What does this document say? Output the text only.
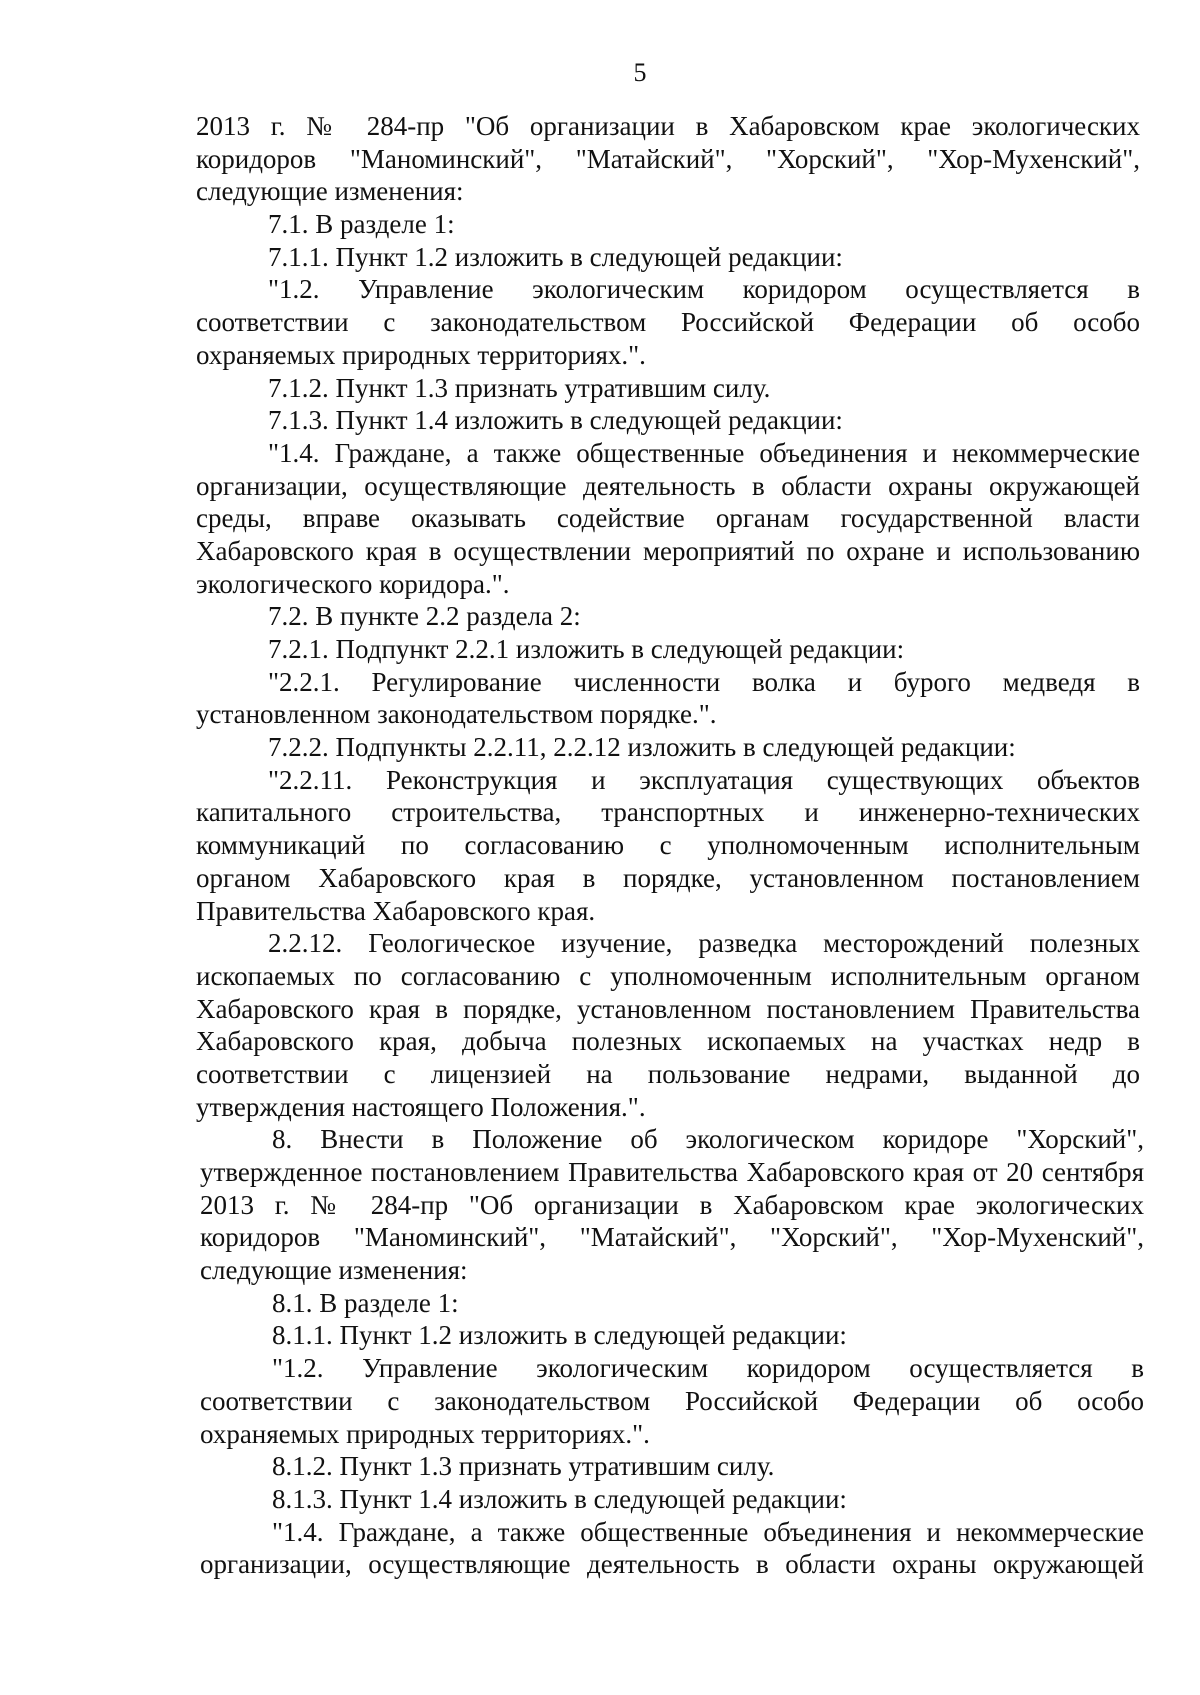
5
2013 г. № 284-пр "Об организации в Хабаровском крае экологических
коридоров "Маноминский", "Матайский", "Хорский", "Хор-Мухенский",
следующие изменения:
7.1. В разделе 1:
7.1.1. Пункт 1.2 изложить в следующей редакции:
"1.2. Управление экологическим коридором осуществляется в
соответствии с законодательством Российской Федерации об особо
охраняемых природных территориях.".
7.1.2. Пункт 1.3 признать утратившим силу.
7.1.3. Пункт 1.4 изложить в следующей редакции:
"1.4. Граждане, а также общественные объединения и некоммерческие
организации, осуществляющие деятельность в области охраны окружающей
среды, вправе оказывать содействие органам государственной власти
Хабаровского края в осуществлении мероприятий по охране и использованию
экологического коридора.".
7.2. В пункте 2.2 раздела 2:
7.2.1. Подпункт 2.2.1 изложить в следующей редакции:
"2.2.1. Регулирование численности волка и бурого медведя в
установленном законодательством порядке.".
7.2.2. Подпункты 2.2.11, 2.2.12 изложить в следующей редакции:
"2.2.11. Реконструкция и эксплуатация существующих объектов
капитального строительства, транспортных и инженерно-технических
коммуникаций по согласованию с уполномоченным исполнительным
органом Хабаровского края в порядке, установленном постановлением
Правительства Хабаровского края.
2.2.12. Геологическое изучение, разведка месторождений полезных
ископаемых по согласованию с уполномоченным исполнительным органом
Хабаровского края в порядке, установленном постановлением Правительства
Хабаровского края, добыча полезных ископаемых на участках недр в
соответствии с лицензией на пользование недрами, выданной до
утверждения настоящего Положения.".
8. Внести в Положение об экологическом коридоре "Хорский",
утвержденное постановлением Правительства Хабаровского края от 20 сентября
2013 г. № 284-пр "Об организации в Хабаровском крае экологических
коридоров "Маноминский", "Матайский", "Хорский", "Хор-Мухенский",
следующие изменения:
8.1. В разделе 1:
8.1.1. Пункт 1.2 изложить в следующей редакции:
"1.2. Управление экологическим коридором осуществляется в
соответствии с законодательством Российской Федерации об особо
охраняемых природных территориях.".
8.1.2. Пункт 1.3 признать утратившим силу.
8.1.3. Пункт 1.4 изложить в следующей редакции:
"1.4. Граждане, а также общественные объединения и некоммерческие
организации, осуществляющие деятельность в области охраны окружающей
